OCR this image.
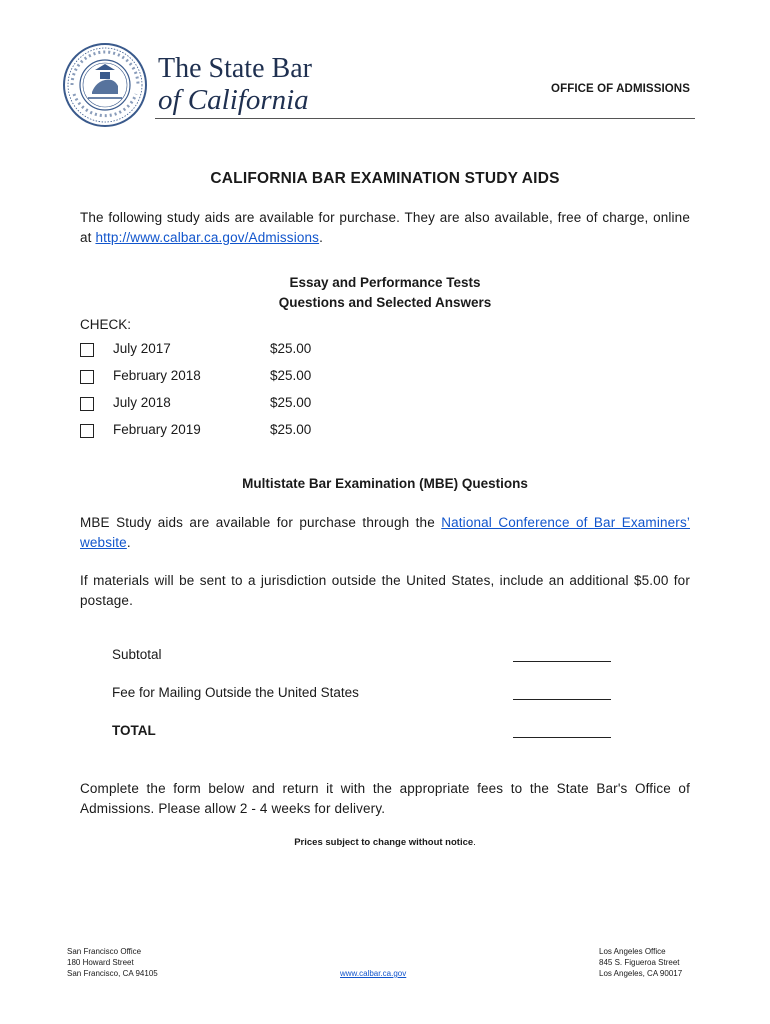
The State Bar
of California	OFFICE OF ADMISSIONS
CALIFORNIA BAR EXAMINATION STUDY AIDS
The following study aids are available for purchase. They are also available, free of charge, online at http://www.calbar.ca.gov/Admissions.
Essay and Performance Tests
Questions and Selected Answers
CHECK:
July 2017	$25.00
February 2018	$25.00
July 2018	$25.00
February 2019	$25.00
Multistate Bar Examination (MBE) Questions
MBE Study aids are available for purchase through the National Conference of Bar Examiners’ website.
If materials will be sent to a jurisdiction outside the United States, include an additional $5.00 for postage.
Subtotal
Fee for Mailing Outside the United States
TOTAL
Complete the form below and return it with the appropriate fees to the State Bar's Office of Admissions. Please allow 2 - 4 weeks for delivery.
Prices subject to change without notice.
San Francisco Office
180 Howard Street
San Francisco, CA 94105	www.calbar.ca.gov
Los Angeles Office
845 S. Figueroa Street
Los Angeles, CA 90017
